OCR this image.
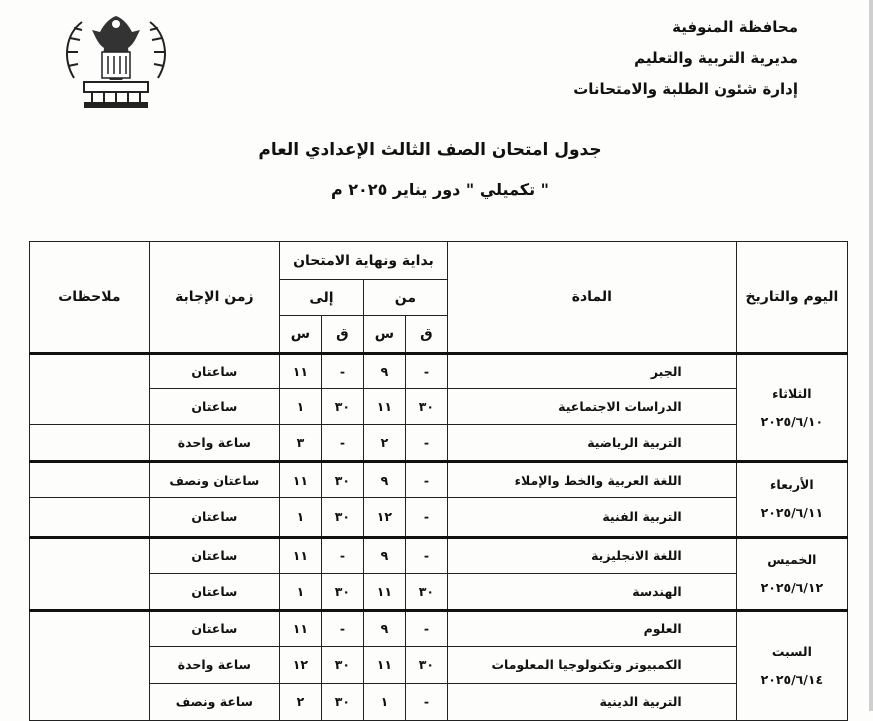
محافظة المنوفية
مديرية التربية والتعليم
إدارة شئون الطلبة والامتحانات
جدول امتحان الصف الثالث الإعدادي العام
" تكميلي " دور يناير ٢٠٢٥ م
اليوم والتاريخ	المادة	بداية ونهاية الامتحان				زمن الإجابة	ملاحظات
		من		إلى			
		ق	س	ق	س		

الثلاثاء
٢٠٢٥/٦/١٠	الجبر	-	٩	-	١١	ساعتان	
	الدراسات الاجتماعية	٣٠	١١	٣٠	١	ساعتان	
	التربية الرياضية	-	٢	-	٣	ساعة واحدة	

الأربعاء
٢٠٢٥/٦/١١	اللغة العربية والخط والإملاء	-	٩	٣٠	١١	ساعتان ونصف	
	التربية الفنية	-	١٢	٣٠	١	ساعتان	

الخميس
٢٠٢٥/٦/١٢	اللغة الانجليزية	-	٩	-	١١	ساعتان	
	الهندسة	٣٠	١١	٣٠	١	ساعتان	

السبت
٢٠٢٥/٦/١٤	العلوم	-	٩	-	١١	ساعتان	
	الكمبيوتر وتكنولوجيا المعلومات	٣٠	١١	٣٠	١٢	ساعة واحدة	
	التربية الدينية	-	١	٣٠	٢	ساعة ونصف	
